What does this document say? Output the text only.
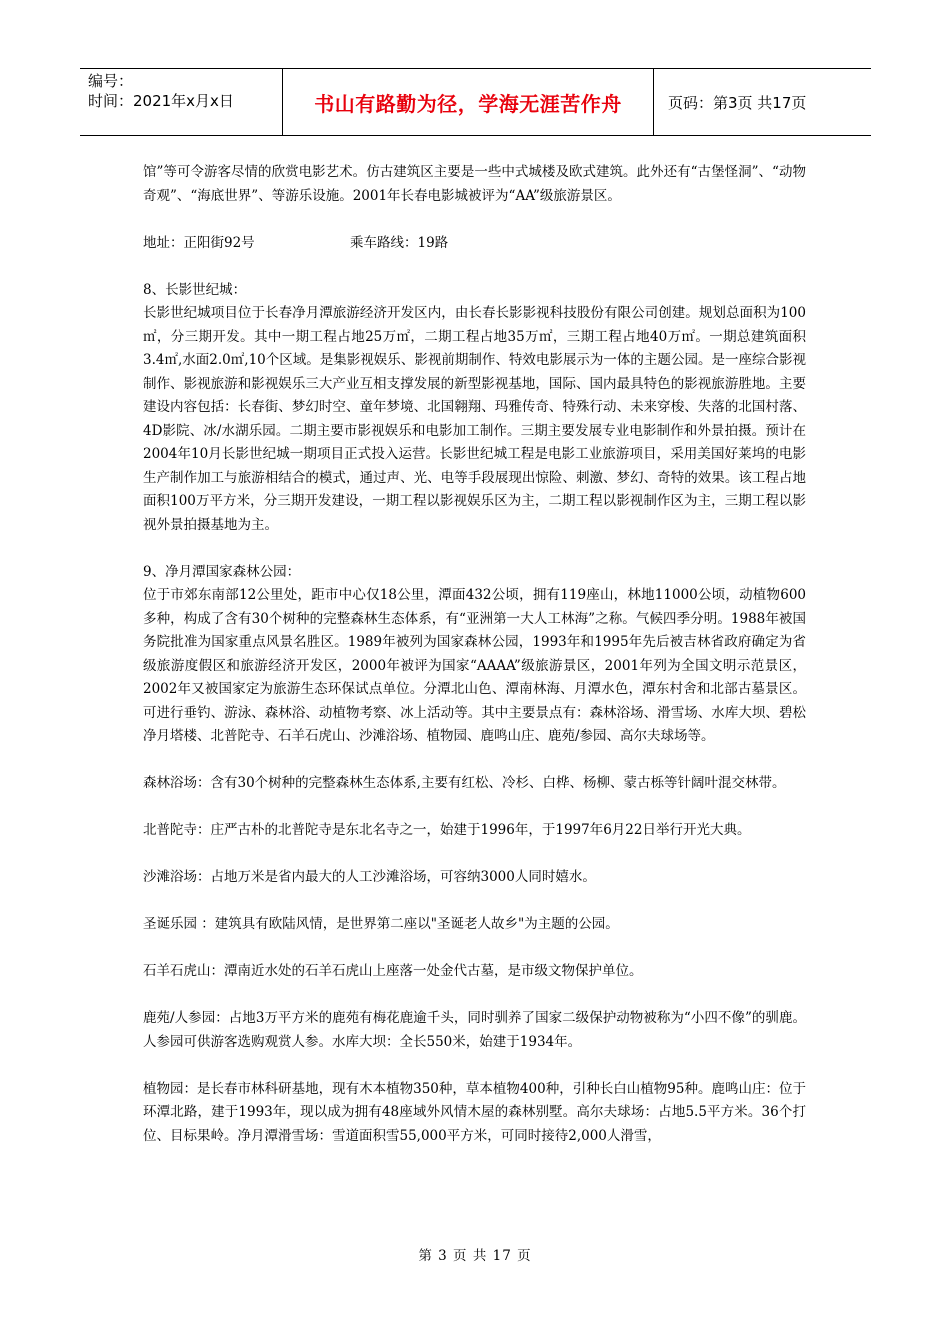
编号：
时间：2021年x月x日	书山有路勤为径，学海无涯苦作舟	页码：第3页 共17页

馆”等可令游客尽情的欣赏电影艺术。仿古建筑区主要是一些中式城楼及欧式建筑。此外还有“古堡怪洞”、“动物奇观”、“海底世界”、等游乐设施。2001年长春电影城被评为“AA”级旅游景区。

地址：正阳街92号	乘车路线：19路

8、长影世纪城：

长影世纪城项目位于长春净月潭旅游经济开发区内，由长春长影影视科技股份有限公司创建。规划总面积为100㎡，分三期开发。其中一期工程占地25万㎡，二期工程占地35万㎡，三期工程占地40万㎡。一期总建筑面积3.4㎡,水面2.0㎡,10个区域。是集影视娱乐、影视前期制作、特效电影展示为一体的主题公园。是一座综合影视制作、影视旅游和影视娱乐三大产业互相支撑发展的新型影视基地，国际、国内最具特色的影视旅游胜地。主要建设内容包括：长春街、梦幻时空、童年梦境、北国翱翔、玛雅传奇、特殊行动、未来穿梭、失落的北国村落、4D影院、冰/水湖乐园。二期主要市影视娱乐和电影加工制作。三期主要发展专业电影制作和外景拍摄。预计在2004年10月长影世纪城一期项目正式投入运营。长影世纪城工程是电影工业旅游项目，采用美国好莱坞的电影生产制作加工与旅游相结合的模式，通过声、光、电等手段展现出惊险、刺激、梦幻、奇特的效果。该工程占地面积100万平方米，分三期开发建设，一期工程以影视娱乐区为主，二期工程以影视制作区为主，三期工程以影视外景拍摄基地为主。

9、净月潭国家森林公园：

位于市郊东南部12公里处，距市中心仅18公里，潭面432公顷，拥有119座山，林地11000公顷，动植物600多种，构成了含有30个树种的完整森林生态体系，有“亚洲第一大人工林海”之称。气候四季分明。1988年被国务院批准为国家重点风景名胜区。1989年被列为国家森林公园，1993年和1995年先后被吉林省政府确定为省级旅游度假区和旅游经济开发区，2000年被评为国家“AAAA”级旅游景区，2001年列为全国文明示范景区，2002年又被国家定为旅游生态环保试点单位。分潭北山色、潭南林海、月潭水色，潭东村舍和北部古墓景区。可进行垂钓、游泳、森林浴、动植物考察、冰上活动等。其中主要景点有：森林浴场、滑雪场、水库大坝、碧松净月塔楼、北普陀寺、石羊石虎山、沙滩浴场、植物园、鹿鸣山庄、鹿苑/参园、高尔夫球场等。

森林浴场：含有30个树种的完整森林生态体系,主要有红松、冷杉、白桦、杨柳、蒙古栎等针阔叶混交林带。

北普陀寺：庄严古朴的北普陀寺是东北名寺之一，始建于1996年，于1997年6月22日举行开光大典。

沙滩浴场：占地万米是省内最大的人工沙滩浴场，可容纳3000人同时嬉水。

圣诞乐园 ：建筑具有欧陆风情，是世界第二座以"圣诞老人故乡"为主题的公园。

石羊石虎山：潭南近水处的石羊石虎山上座落一处金代古墓，是市级文物保护单位。

鹿苑/人参园：占地3万平方米的鹿苑有梅花鹿逾千头，同时驯养了国家二级保护动物被称为“小四不像”的驯鹿。人参园可供游客选购观赏人参。水库大坝：全长550米，始建于1934年。

植物园：是长春市林科研基地，现有木本植物350种，草本植物400种，引种长白山植物95种。鹿鸣山庄：位于环潭北路，建于1993年，现以成为拥有48座域外风情木屋的森林别墅。高尔夫球场：占地5.5平方米。36个打位、目标果岭。净月潭滑雪场：雪道面积雪55,000平方米，可同时接待2,000人滑雪，

第 3 页 共 17 页
